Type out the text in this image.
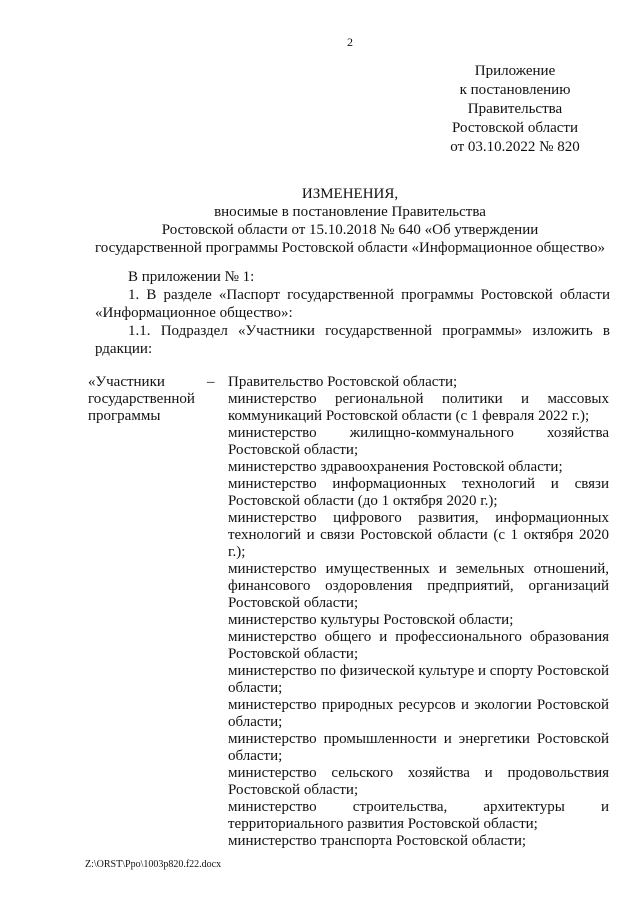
2
Приложение
к постановлению
Правительства
Ростовской области
от 03.10.2022 № 820
ИЗМЕНЕНИЯ,
вносимые в постановление Правительства
Ростовской области от 15.10.2018 № 640 «Об утверждении
государственной программы Ростовской области «Информационное общество»

В приложении № 1:

1. В разделе «Паспорт государственной программы Ростовской области «Информационное общество»:

1.1. Подраздел «Участники государственной программы» изложить в рдакции:

«Участники государственной программы
– Правительство Ростовской области;
министерство региональной политики и массовых коммуникаций Ростовской области (с 1 февраля 2022 г.);
министерство жилищно-коммунального хозяйства Ростовской области;
министерство здравоохранения Ростовской области;
министерство информационных технологий и связи Ростовской области (до 1 октября 2020 г.);
министерство цифрового развития, информационных технологий и связи Ростовской области (с 1 октября 2020 г.);
министерство имущественных и земельных отношений, финансового оздоровления предприятий, организаций Ростовской области;
министерство культуры Ростовской области;
министерство общего и профессионального образования Ростовской области;
министерство по физической культуре и спорту Ростовской области;
министерство природных ресурсов и экологии Ростовской области;
министерство промышленности и энергетики Ростовской области;
министерство сельского хозяйства и продовольствия Ростовской области;
министерство строительства, архитектуры и территориального развития Ростовской области;
министерство транспорта Ростовской области;
Z:\ORST\Ppo\1003p820.f22.docx
